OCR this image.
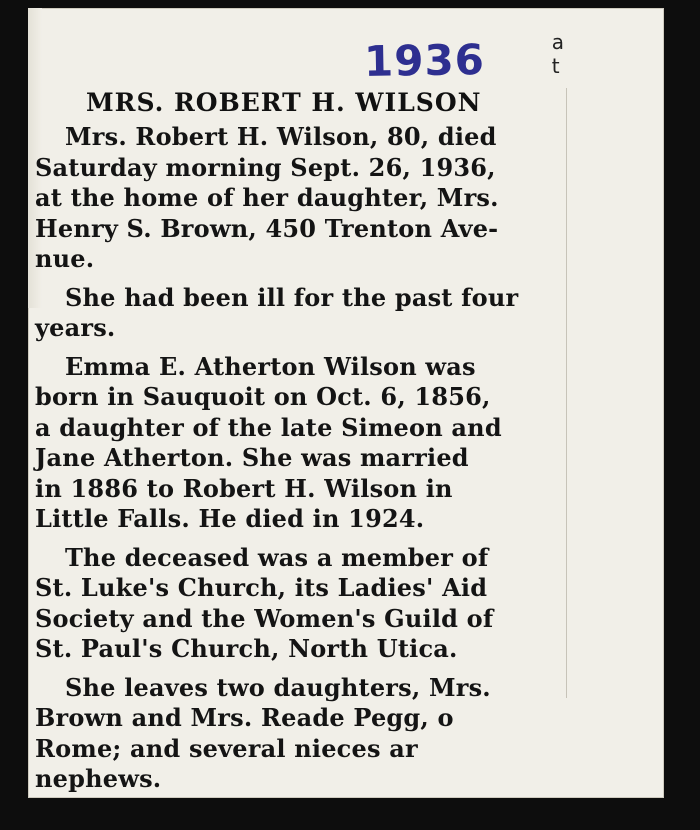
1936	a
t
MRS. ROBERT H. WILSON
Mrs. Robert H. Wilson, 80, died
Saturday morning Sept. 26, 1936,
at the home of her daughter, Mrs.
Henry S. Brown, 450 Trenton Ave-
nue.
She had been ill for the past four
years.
Emma E. Atherton Wilson was
born in Sauquoit on Oct. 6, 1856,
a daughter of the late Simeon and
Jane Atherton. She was married
in 1886 to Robert H. Wilson in
Little Falls. He died in 1924.
The deceased was a member of
St. Luke's Church, its Ladies' Aid
Society and the Women's Guild of
St. Paul's Church, North Utica.
She leaves two daughters, Mrs.
Brown and Mrs. Reade Pegg, o
Rome; and several nieces ar
nephews.
